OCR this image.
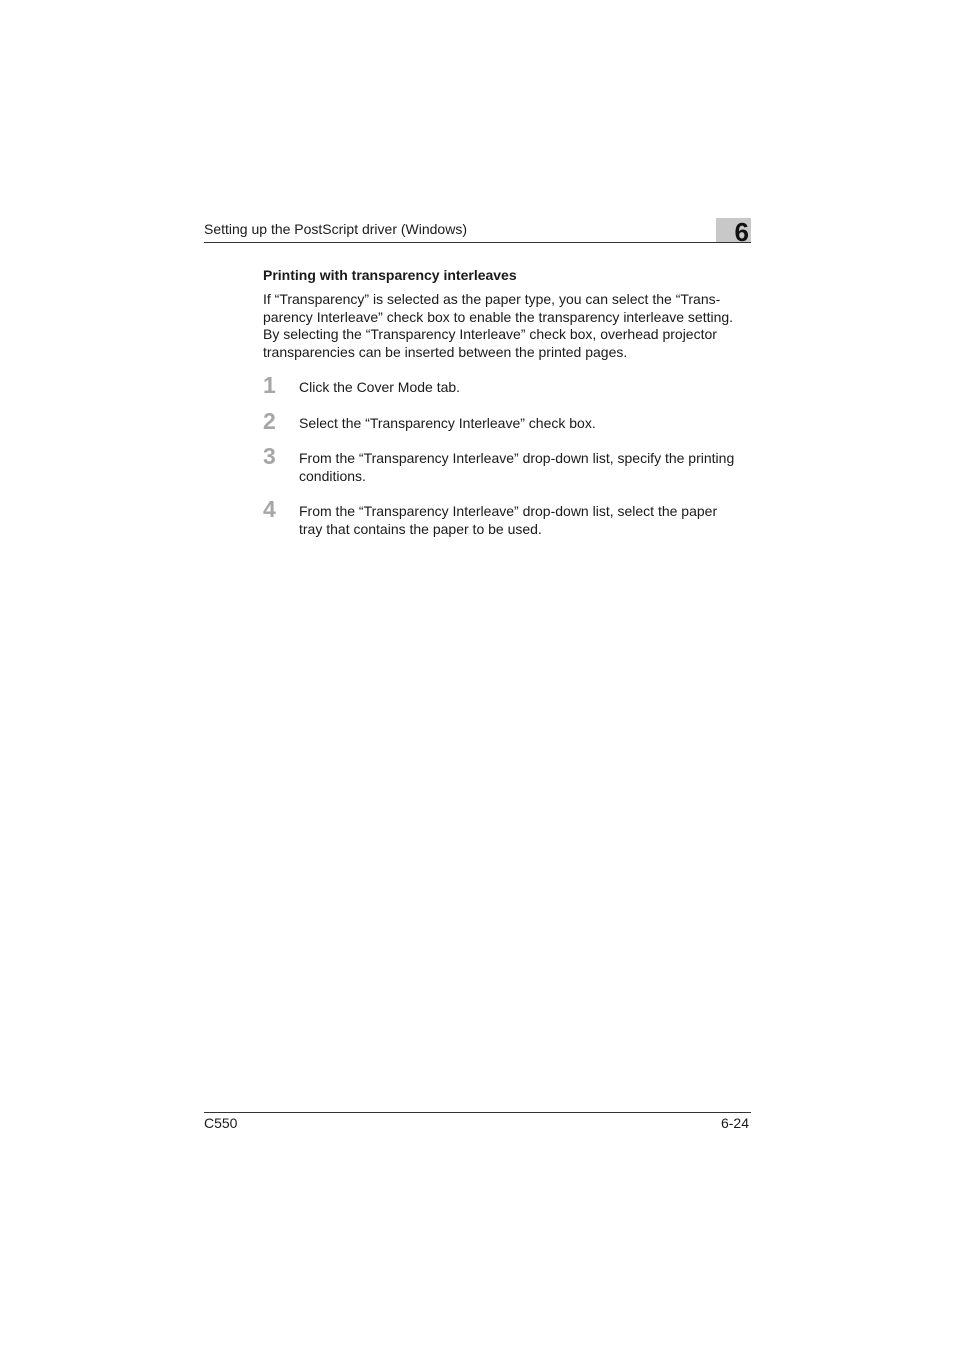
Setting up the PostScript driver (Windows)	6
Printing with transparency interleaves
If “Transparency” is selected as the paper type, you can select the “Trans-
parency Interleave” check box to enable the transparency interleave setting.
By selecting the “Transparency Interleave” check box, overhead projector
transparencies can be inserted between the printed pages.
1 Click the Cover Mode tab.
2 Select the “Transparency Interleave” check box.
3 From the “Transparency Interleave” drop-down list, specify the printing
conditions.
4 From the “Transparency Interleave” drop-down list, select the paper
tray that contains the paper to be used.
C550	6-24
